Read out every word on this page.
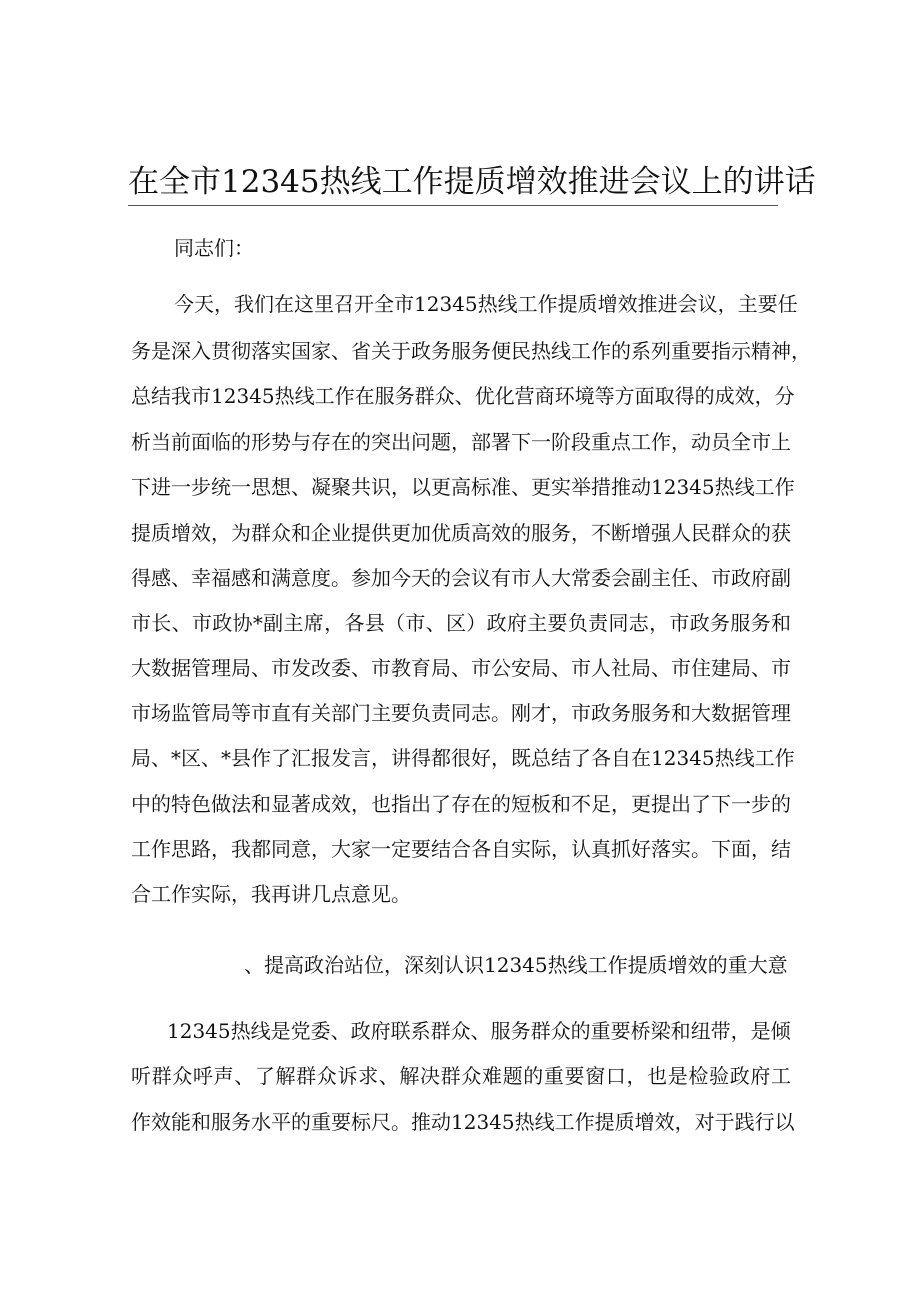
在全市12345热线工作提质增效推进会议上的讲话
同志们：
今天，我们在这里召开全市12345热线工作提质增效推进会议，主要任
务是深入贯彻落实国家、省关于政务服务便民热线工作的系列重要指示精神，
总结我市12345热线工作在服务群众、优化营商环境等方面取得的成效，分
析当前面临的形势与存在的突出问题，部署下一阶段重点工作，动员全市上
下进一步统一思想、凝聚共识，以更高标准、更实举措推动12345热线工作
提质增效，为群众和企业提供更加优质高效的服务，不断增强人民群众的获
得感、幸福感和满意度。参加今天的会议有市人大常委会副主任、市政府副
市长、市政协*副主席，各县（市、区）政府主要负责同志，市政务服务和
大数据管理局、市发改委、市教育局、市公安局、市人社局、市住建局、市
市场监管局等市直有关部门主要负责同志。刚才，市政务服务和大数据管理
局、*区、*县作了汇报发言，讲得都很好，既总结了各自在12345热线工作
中的特色做法和显著成效，也指出了存在的短板和不足，更提出了下一步的
工作思路，我都同意，大家一定要结合各自实际，认真抓好落实。下面，结
合工作实际，我再讲几点意见。
、提高政治站位，深刻认识12345热线工作提质增效的重大意
12345热线是党委、政府联系群众、服务群众的重要桥梁和纽带，是倾
听群众呼声、了解群众诉求、解决群众难题的重要窗口，也是检验政府工
作效能和服务水平的重要标尺。推动12345热线工作提质增效，对于践行以
